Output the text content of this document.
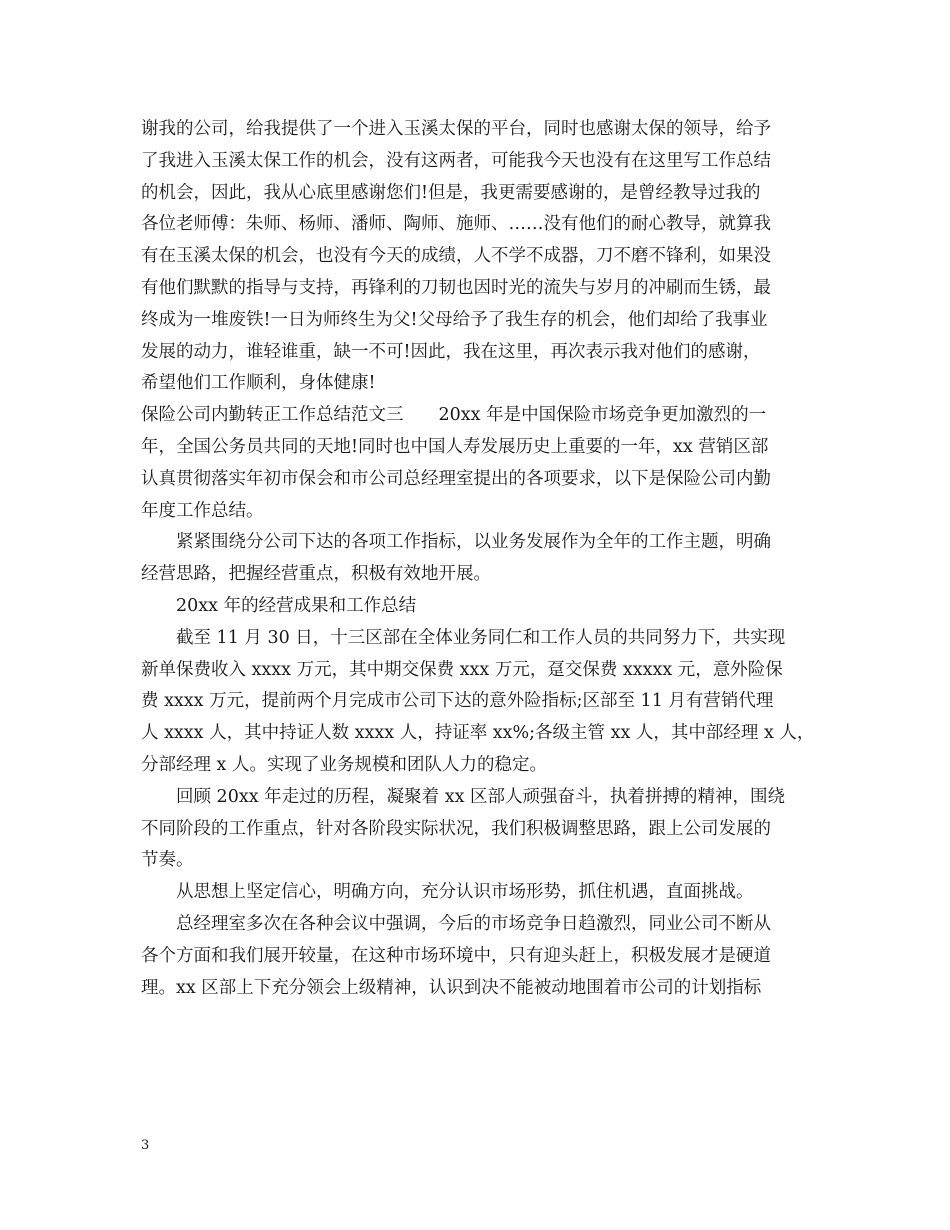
谢我的公司，给我提供了一个进入玉溪太保的平台，同时也感谢太保的领导，给予
了我进入玉溪太保工作的机会，没有这两者，可能我今天也没有在这里写工作总结
的机会，因此，我从心底里感谢您们!但是，我更需要感谢的，是曾经教导过我的
各位老师傅：朱师、杨师、潘师、陶师、施师、……没有他们的耐心教导，就算我
有在玉溪太保的机会，也没有今天的成绩，人不学不成器，刀不磨不锋利，如果没
有他们默默的指导与支持，再锋利的刀韧也因时光的流失与岁月的冲刷而生锈，最
终成为一堆废铁!一日为师终生为父!父母给予了我生存的机会，他们却给了我事业
发展的动力，谁轻谁重，缺一不可!因此，我在这里，再次表示我对他们的感谢，
希望他们工作顺利，身体健康!
保险公司内勤转正工作总结范文三　　20xx 年是中国保险市场竞争更加激烈的一
年，全国公务员共同的天地!同时也中国人寿发展历史上重要的一年，xx 营销区部
认真贯彻落实年初市保会和市公司总经理室提出的各项要求，以下是保险公司内勤
年度工作总结。
　　紧紧围绕分公司下达的各项工作指标，以业务发展作为全年的工作主题，明确
经营思路，把握经营重点，积极有效地开展。
　　20xx 年的经营成果和工作总结
　　截至 11 月 30 日，十三区部在全体业务同仁和工作人员的共同努力下，共实现
新单保费收入 xxxx 万元，其中期交保费 xxx 万元，趸交保费 xxxxx 元，意外险保
费 xxxx 万元，提前两个月完成市公司下达的意外险指标;区部至 11 月有营销代理
人 xxxx 人，其中持证人数 xxxx 人，持证率 xx%;各级主管 xx 人，其中部经理 x 人，
分部经理 x 人。实现了业务规模和团队人力的稳定。
　　回顾 20xx 年走过的历程，凝聚着 xx 区部人顽强奋斗，执着拼搏的精神，围绕
不同阶段的工作重点，针对各阶段实际状况，我们积极调整思路，跟上公司发展的
节奏。
　　从思想上坚定信心，明确方向，充分认识市场形势，抓住机遇，直面挑战。
　　总经理室多次在各种会议中强调，今后的市场竞争日趋激烈，同业公司不断从
各个方面和我们展开较量，在这种市场环境中，只有迎头赶上，积极发展才是硬道
理。xx 区部上下充分领会上级精神，认识到决不能被动地围着市公司的计划指标
3
